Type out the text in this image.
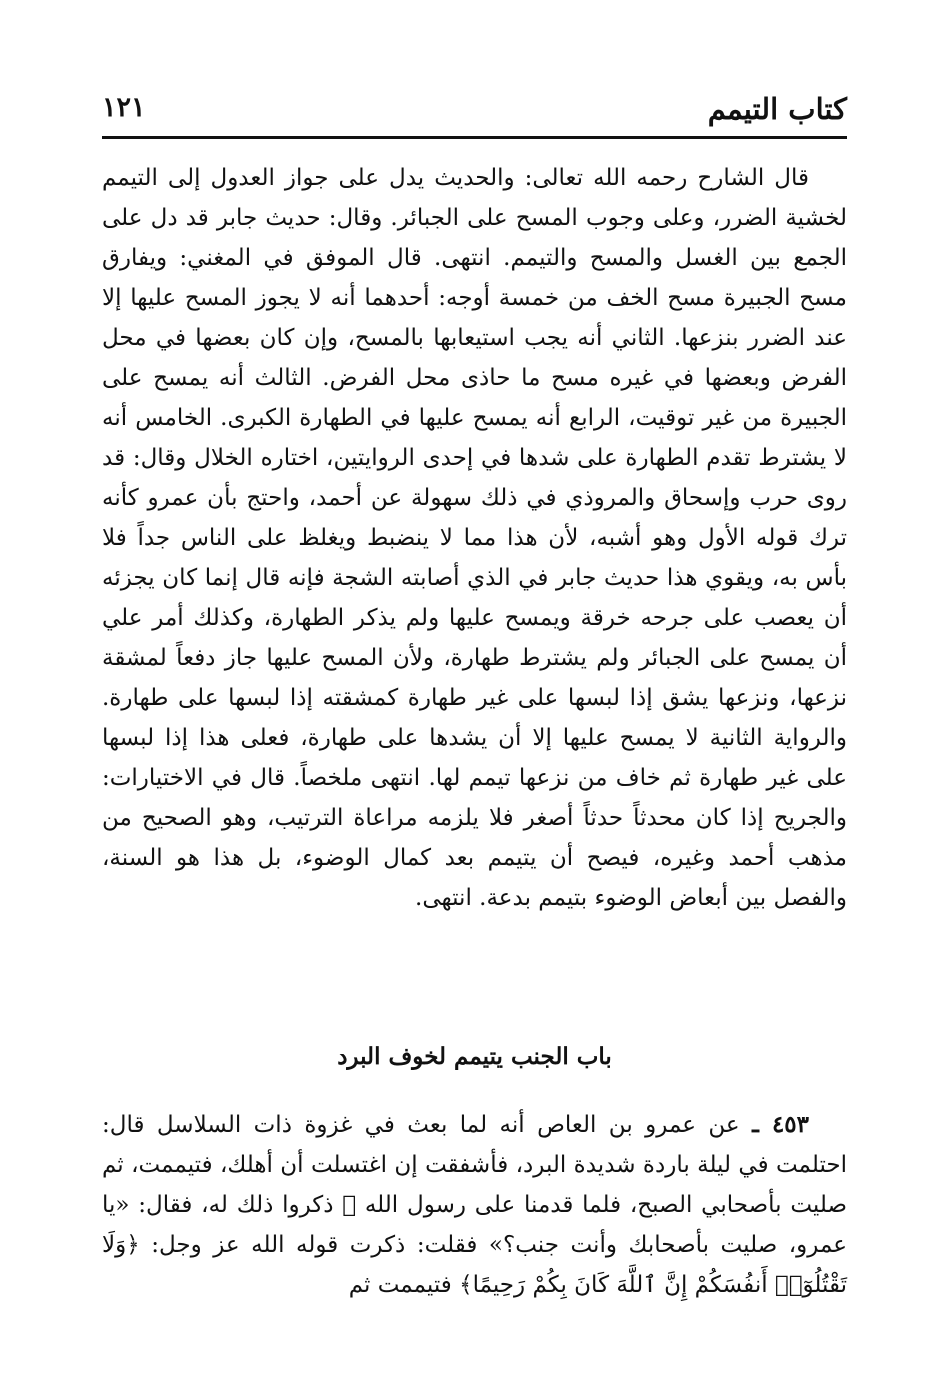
كتاب التيمم
١٢١

قال الشارح رحمه الله تعالى: والحديث يدل على جواز العدول إلى التيمم لخشية الضرر، وعلى وجوب المسح على الجبائر. وقال: حديث جابر قد دل على الجمع بين الغسل والمسح والتيمم. انتهى. قال الموفق في المغني: ويفارق مسح الجبيرة مسح الخف من خمسة أوجه: أحدهما أنه لا يجوز المسح عليها إلا عند الضرر بنزعها. الثاني أنه يجب استيعابها بالمسح، وإن كان بعضها في محل الفرض وبعضها في غيره مسح ما حاذى محل الفرض. الثالث أنه يمسح على الجبيرة من غير توقيت، الرابع أنه يمسح عليها في الطهارة الكبرى. الخامس أنه لا يشترط تقدم الطهارة على شدها في إحدى الروايتين، اختاره الخلال وقال: قد روى حرب وإسحاق والمروذي في ذلك سهولة عن أحمد، واحتج بأن عمرو كأنه ترك قوله الأول وهو أشبه، لأن هذا مما لا ينضبط ويغلظ على الناس جداً فلا بأس به، ويقوي هذا حديث جابر في الذي أصابته الشجة فإنه قال إنما كان يجزئه أن يعصب على جرحه خرقة ويمسح عليها ولم يذكر الطهارة، وكذلك أمر علي أن يمسح على الجبائر ولم يشترط طهارة، ولأن المسح عليها جاز دفعاً لمشقة نزعها، ونزعها يشق إذا لبسها على غير طهارة كمشقته إذا لبسها على طهارة. والرواية الثانية لا يمسح عليها إلا أن يشدها على طهارة، فعلى هذا إذا لبسها على غير طهارة ثم خاف من نزعها تيمم لها. انتهى ملخصاً. قال في الاختيارات: والجريح إذا كان محدثاً حدثاً أصغر فلا يلزمه مراعاة الترتيب، وهو الصحيح من مذهب أحمد وغيره، فيصح أن يتيمم بعد كمال الوضوء، بل هذا هو السنة، والفصل بين أبعاض الوضوء بتيمم بدعة. انتهى.

باب الجنب يتيمم لخوف البرد

٤٥٣ ـ عن عمرو بن العاص أنه لما بعث في غزوة ذات السلاسل قال: احتلمت في ليلة باردة شديدة البرد، فأشفقت إن اغتسلت أن أهلك، فتيممت، ثم صليت بأصحابي الصبح، فلما قدمنا على رسول الله ﷺ ذكروا ذلك له، فقال: «يا عمرو، صليت بأصحابك وأنت جنب؟» فقلت: ذكرت قوله الله عز وجل: ﴿وَلَا تَقْتُلُوٓا۟ أَنفُسَكُمْ إِنَّ ٱللَّهَ كَانَ بِكُمْ رَحِيمًا﴾ فتيممت ثم
